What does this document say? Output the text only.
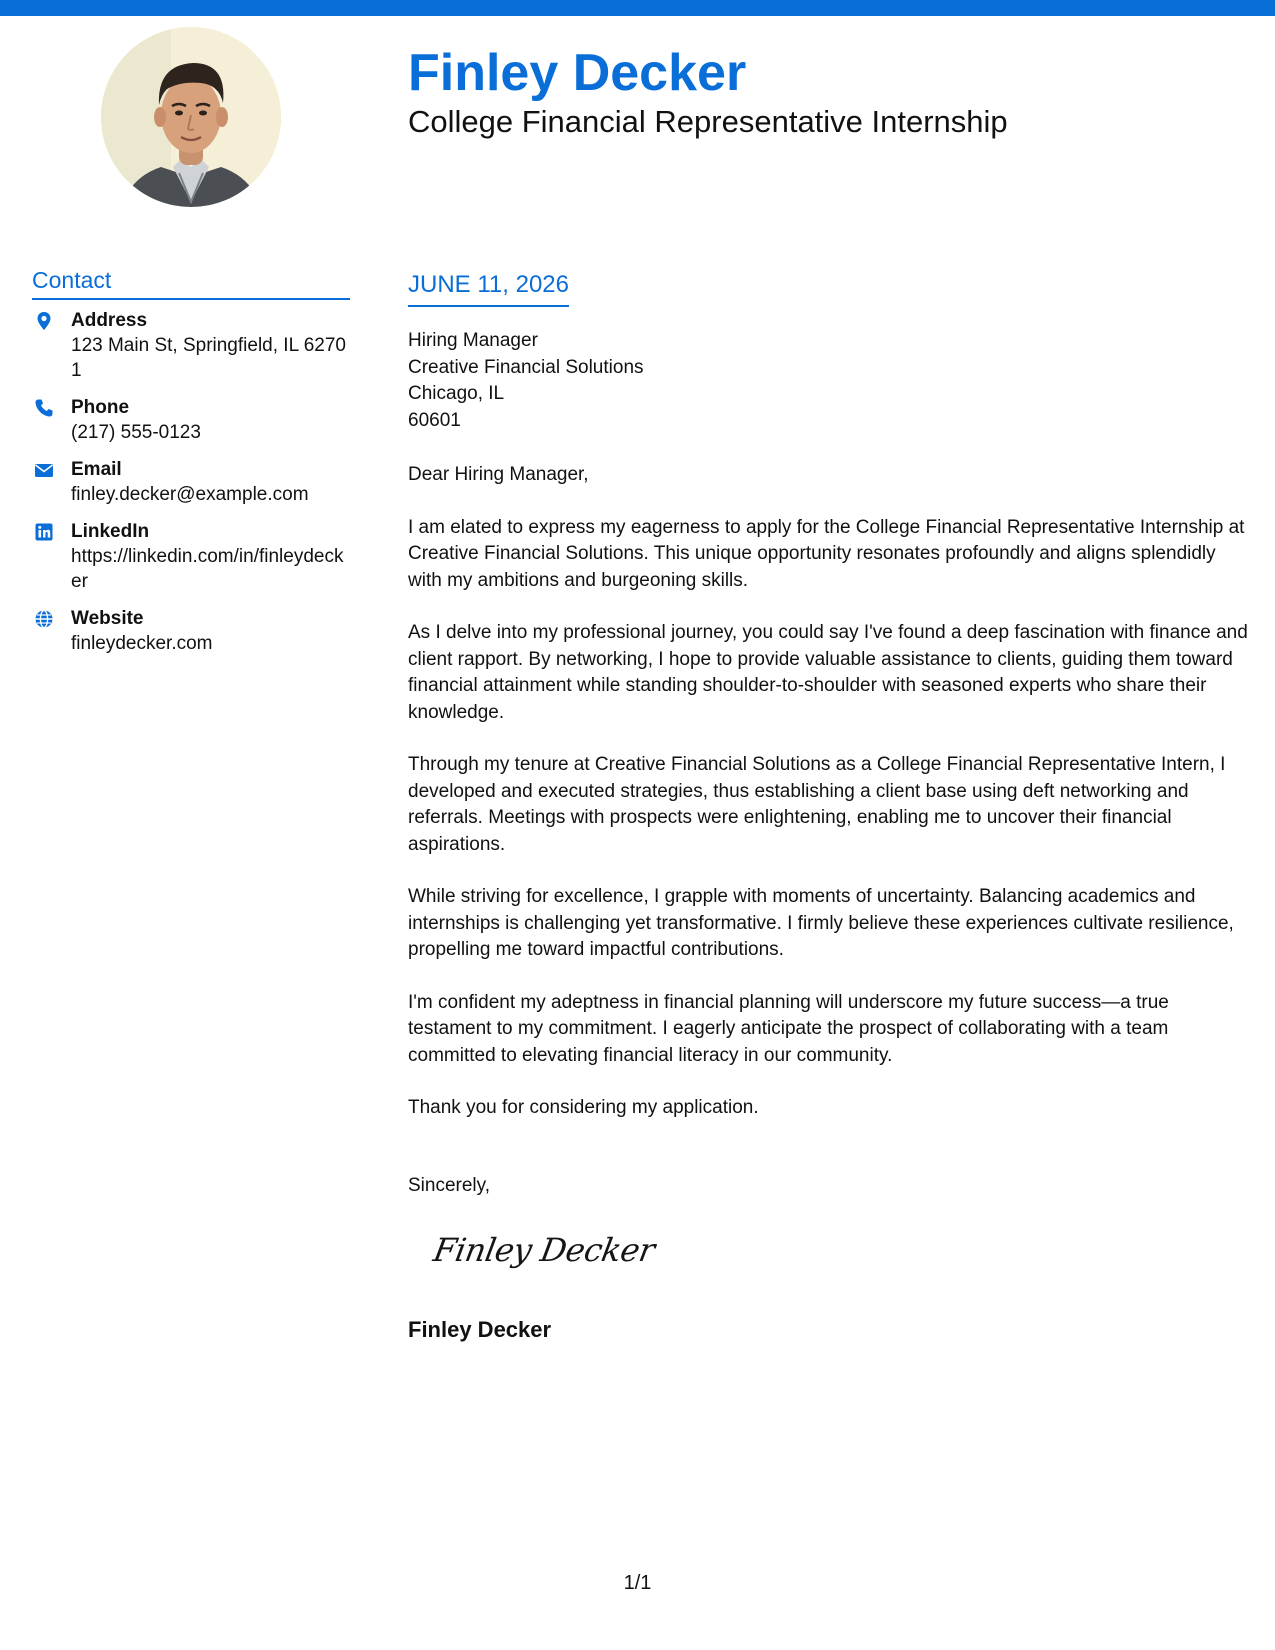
Finley Decker
College Financial Representative Internship
Contact
Address
123 Main St, Springfield, IL 62701
Phone
(217) 555-0123
Email
finley.decker@example.com
LinkedIn
https://linkedin.com/in/finleydecker
Website
finleydecker.com
JUNE 11, 2026
Hiring Manager
Creative Financial Solutions
Chicago, IL
60601

Dear Hiring Manager,

I am elated to express my eagerness to apply for the College Financial Representative Internship at Creative Financial Solutions. This unique opportunity resonates profoundly and aligns splendidly with my ambitions and burgeoning skills.

As I delve into my professional journey, you could say I've found a deep fascination with finance and client rapport. By networking, I hope to provide valuable assistance to clients, guiding them toward financial attainment while standing shoulder-to-shoulder with seasoned experts who share their knowledge.

Through my tenure at Creative Financial Solutions as a College Financial Representative Intern, I developed and executed strategies, thus establishing a client base using deft networking and referrals. Meetings with prospects were enlightening, enabling me to uncover their financial aspirations.

While striving for excellence, I grapple with moments of uncertainty. Balancing academics and internships is challenging yet transformative. I firmly believe these experiences cultivate resilience, propelling me toward impactful contributions.

I'm confident my adeptness in financial planning will underscore my future success—a true testament to my commitment. I eagerly anticipate the prospect of collaborating with a team committed to elevating financial literacy in our community.

Thank you for considering my application.

Sincerely,
Finley Decker
Finley Decker
1/1
